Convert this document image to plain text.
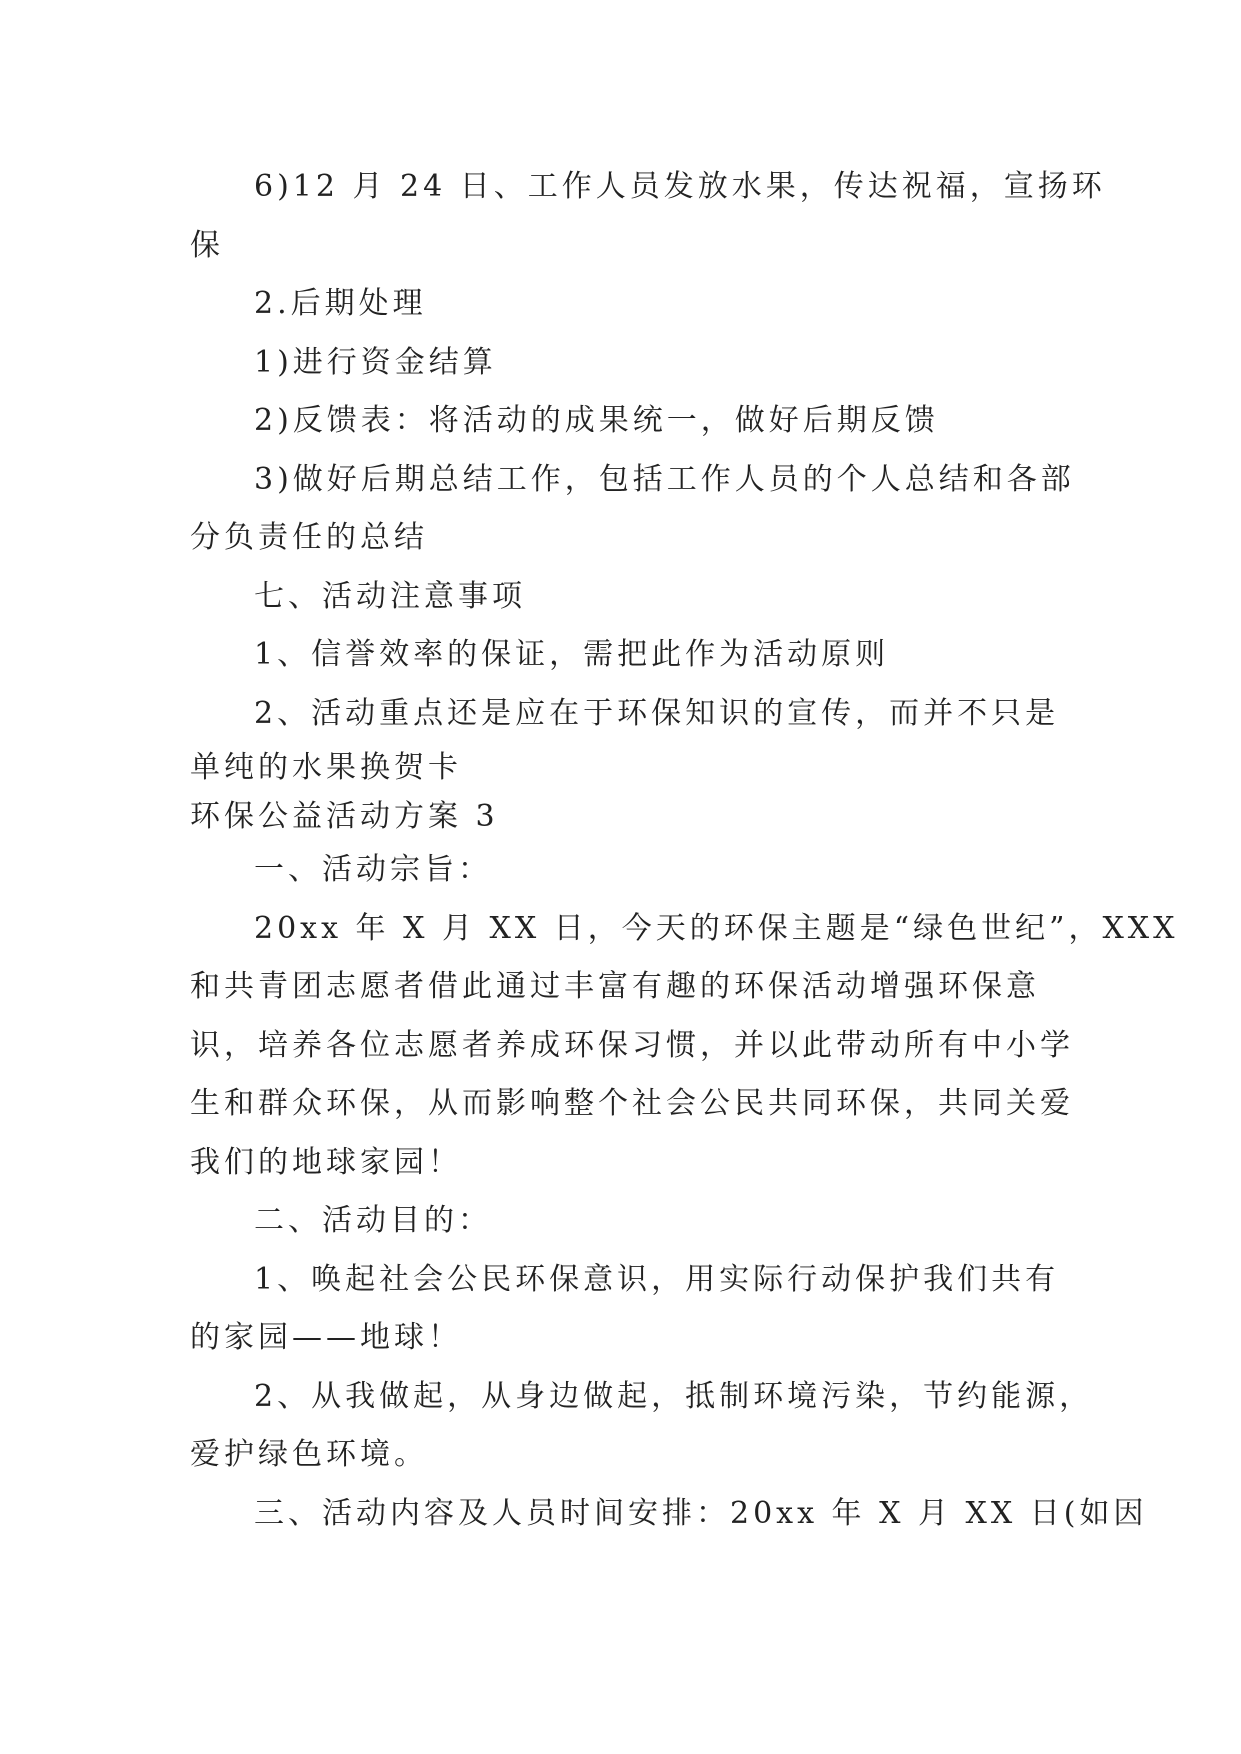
6)12 月 24 日、工作人员发放水果，传达祝福，宣扬环
保
2.后期处理
1)进行资金结算
2)反馈表：将活动的成果统一，做好后期反馈
3)做好后期总结工作，包括工作人员的个人总结和各部
分负责任的总结
七、活动注意事项
1、信誉效率的保证，需把此作为活动原则
2、活动重点还是应在于环保知识的宣传，而并不只是
单纯的水果换贺卡
环保公益活动方案 3
一、活动宗旨：
20xx 年 X 月 XX 日，今天的环保主题是“绿色世纪”，XXX
和共青团志愿者借此通过丰富有趣的环保活动增强环保意
识，培养各位志愿者养成环保习惯，并以此带动所有中小学
生和群众环保，从而影响整个社会公民共同环保，共同关爱
我们的地球家园！
二、活动目的：
1、唤起社会公民环保意识，用实际行动保护我们共有
的家园——地球！
2、从我做起，从身边做起，抵制环境污染，节约能源，
爱护绿色环境。
三、活动内容及人员时间安排：20xx 年 X 月 XX 日(如因
